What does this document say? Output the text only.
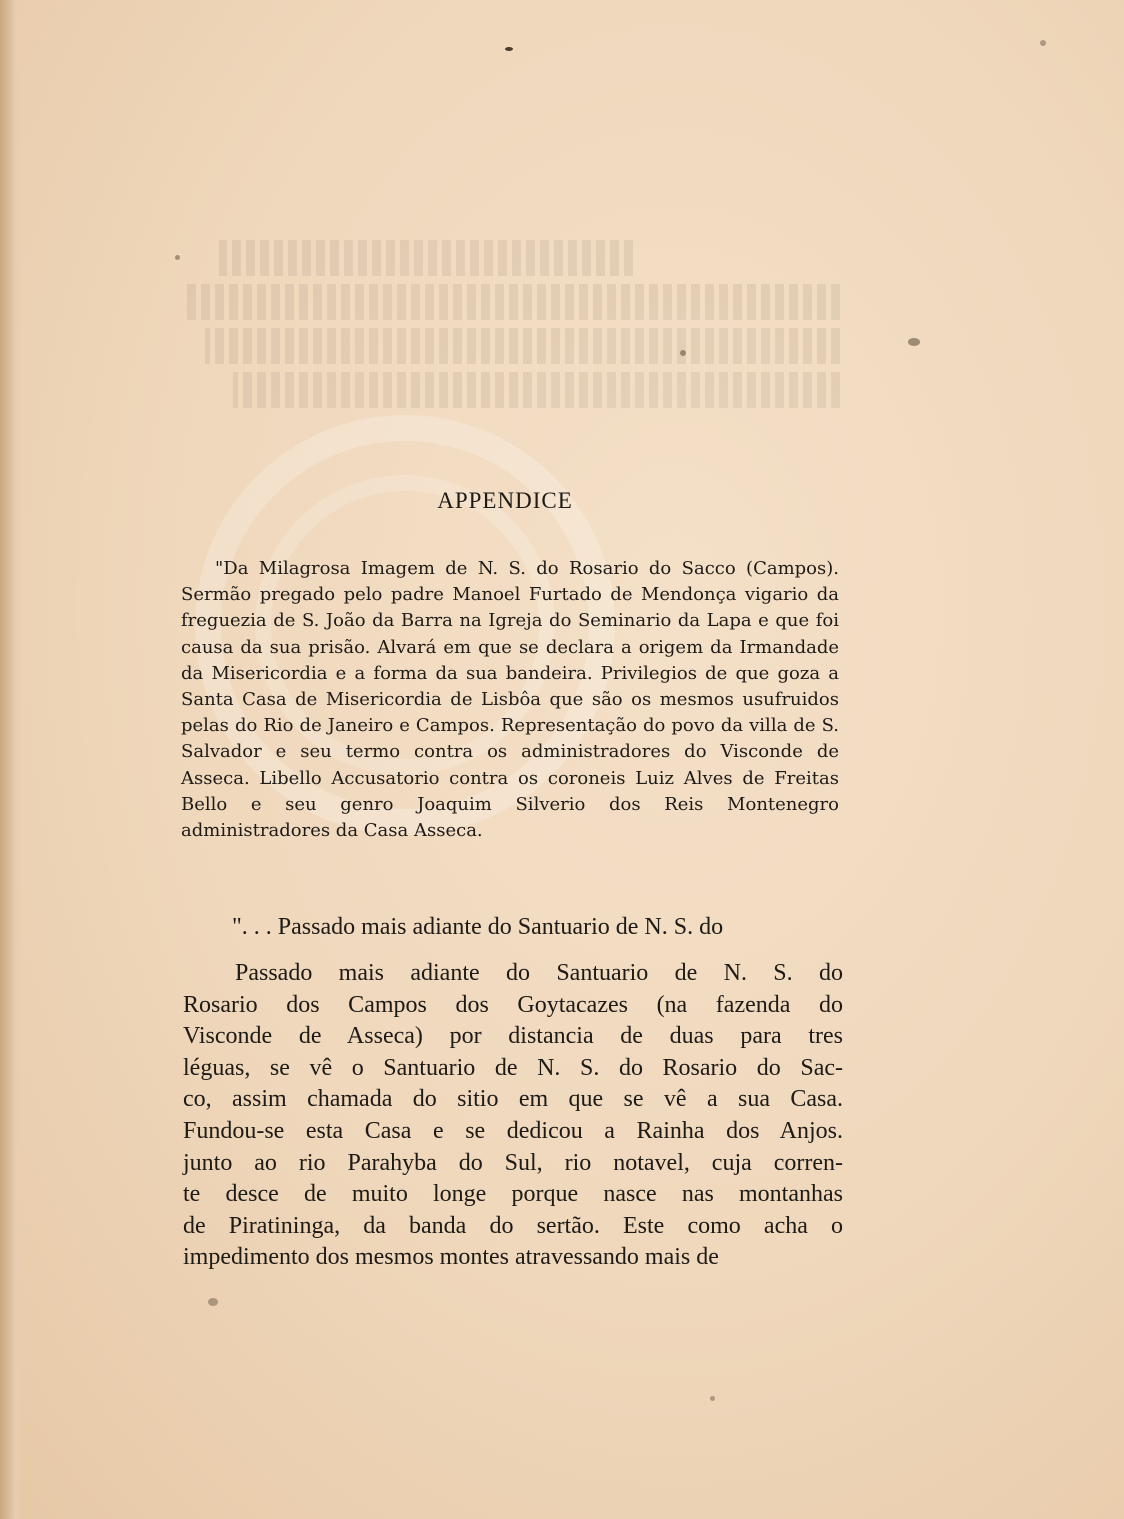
APPENDICE

"Da Milagrosa Imagem de N. S. do Rosario do Sacco (Campos). Sermão pregado pelo padre Manoel Furtado de Mendonça vigario da freguezia de S. João da Barra na Igreja do Seminario da Lapa e que foi causa da sua prisão. Alvará em que se declara a origem da Irmandade da Misericordia e a forma da sua bandeira. Privilegios de que goza a Santa Casa de Misericordia de Lisbôa que são os mesmos usufruidos pelas do Rio de Janeiro e Campos. Representação do povo da villa de S. Salvador e seu termo contra os administradores do Visconde de Asseca. Libello Accusatorio contra os coroneis Luiz Alves de Freitas Bello e seu genro Joaquim Silverio dos Reis Montenegro administradores da Casa Asseca.

". . . Passado mais adiante do Santuario de N. S. do
Passado mais adiante do Santuario de N. S. do
Rosario dos Campos dos Goytacazes (na fazenda do
Visconde de Asseca) por distancia de duas para tres
léguas, se vê o Santuario de N. S. do Rosario do Sac-
co, assim chamada do sitio em que se vê a sua Casa.
Fundou-se esta Casa e se dedicou a Rainha dos Anjos.
junto ao rio Parahyba do Sul, rio notavel, cuja corren-
te desce de muito longe porque nasce nas montanhas
de Piratininga, da banda do sertão. Este como acha o
impedimento dos mesmos montes atravessando mais de
